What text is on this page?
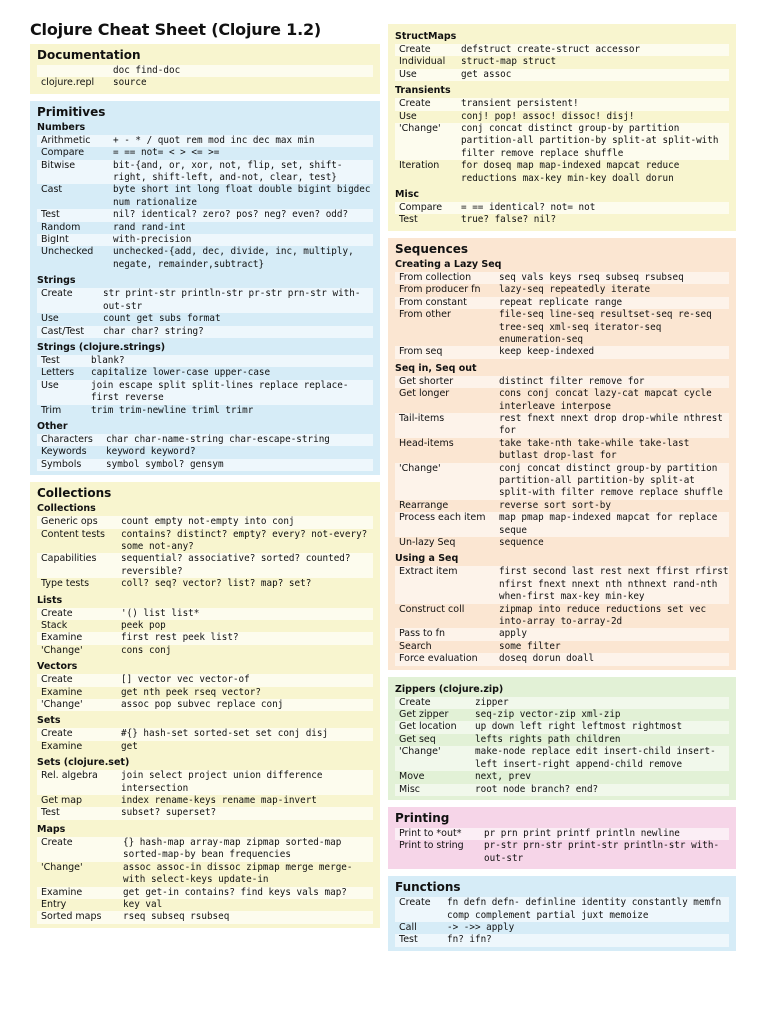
Clojure Cheat Sheet (Clojure 1.2)
Documentation
doc find-doc
clojure.repl	source
Primitives
Numbers
Arithmetic	+ - * / quot rem mod inc dec max min
Compare	= == not= < > <= >=
Bitwise	bit-{and, or, xor, not, flip, set, shift-right, shift-left, and-not, clear, test}
Cast	byte short int long float double bigint bigdec num rationalize
Test	nil? identical? zero? pos? neg? even? odd?
Random	rand rand-int
BigInt	with-precision
Unchecked	unchecked-{add, dec, divide, inc, multiply, negate, remainder,subtract}
Strings
Create	str print-str println-str pr-str prn-str with-out-str
Use	count get subs format
Cast/Test	char char? string?
Strings (clojure.strings)
Test	blank?
Letters	capitalize lower-case upper-case
Use	join escape split split-lines replace replace-first reverse
Trim	trim trim-newline triml trimr
Other
Characters	char char-name-string char-escape-string
Keywords	keyword keyword?
Symbols	symbol symbol? gensym
Collections
Collections
Generic ops	count empty not-empty into conj
Content tests	contains? distinct? empty? every? not-every? some not-any?
Capabilities	sequential? associative? sorted? counted? reversible?
Type tests	coll? seq? vector? list? map? set?
Lists
Create	'() list list*
Stack	peek pop
Examine	first rest peek list?
'Change'	cons conj
Vectors
Create	[] vector vec vector-of
Examine	get nth peek rseq vector?
'Change'	assoc pop subvec replace conj
Sets
Create	#{} hash-set sorted-set set conj disj
Examine	get
Sets (clojure.set)
Rel. algebra	join select project union difference intersection
Get map	index rename-keys rename map-invert
Test	subset? superset?
Maps
Create	{} hash-map array-map zipmap sorted-map sorted-map-by bean frequencies
'Change'	assoc assoc-in dissoc zipmap merge merge-with select-keys update-in
Examine	get get-in contains? find keys vals map?
Entry	key val
Sorted maps	rseq subseq rsubseq
StructMaps
Create	defstruct create-struct accessor
Individual	struct-map struct
Use	get assoc
Transients
Create	transient persistent!
Use	conj! pop! assoc! dissoc! disj!
'Change'	conj concat distinct group-by partition partition-all partition-by split-at split-with filter remove replace shuffle
Iteration	for doseq map map-indexed mapcat reduce reductions max-key min-key doall dorun
Misc
Compare	= == identical? not= not
Test	true? false? nil?
Sequences
Creating a Lazy Seq
From collection	seq vals keys rseq subseq rsubseq
From producer fn	lazy-seq repeatedly iterate
From constant	repeat replicate range
From other	file-seq line-seq resultset-seq re-seq tree-seq xml-seq iterator-seq enumeration-seq
From seq	keep keep-indexed
Seq in, Seq out
Get shorter	distinct filter remove for
Get longer	cons conj concat lazy-cat mapcat cycle interleave interpose
Tail-items	rest fnext nnext drop drop-while nthrest for
Head-items	take take-nth take-while take-last butlast drop-last for
'Change'	conj concat distinct group-by partition partition-all partition-by split-at split-with filter remove replace shuffle
Rearrange	reverse sort sort-by
Process each item	map pmap map-indexed mapcat for replace seque
Un-lazy Seq	sequence
Using a Seq
Extract item	first second last rest next ffirst rfirst nfirst fnext nnext nth nthnext rand-nth when-first max-key min-key
Construct coll	zipmap into reduce reductions set vec into-array to-array-2d
Pass to fn	apply
Search	some filter
Force evaluation	doseq dorun doall
Zippers (clojure.zip)
Create	zipper
Get zipper	seq-zip vector-zip xml-zip
Get location	up down left right leftmost rightmost
Get seq	lefts rights path children
'Change'	make-node replace edit insert-child insert-left insert-right append-child remove
Move	next, prev
Misc	root node branch? end?
Printing
Print to *out*	pr prn print printf println newline
Print to string	pr-str prn-str print-str println-str with-out-str
Functions
Create	fn defn defn- definline identity constantly memfn comp complement partial juxt memoize
Call	-> ->> apply
Test	fn? ifn?
